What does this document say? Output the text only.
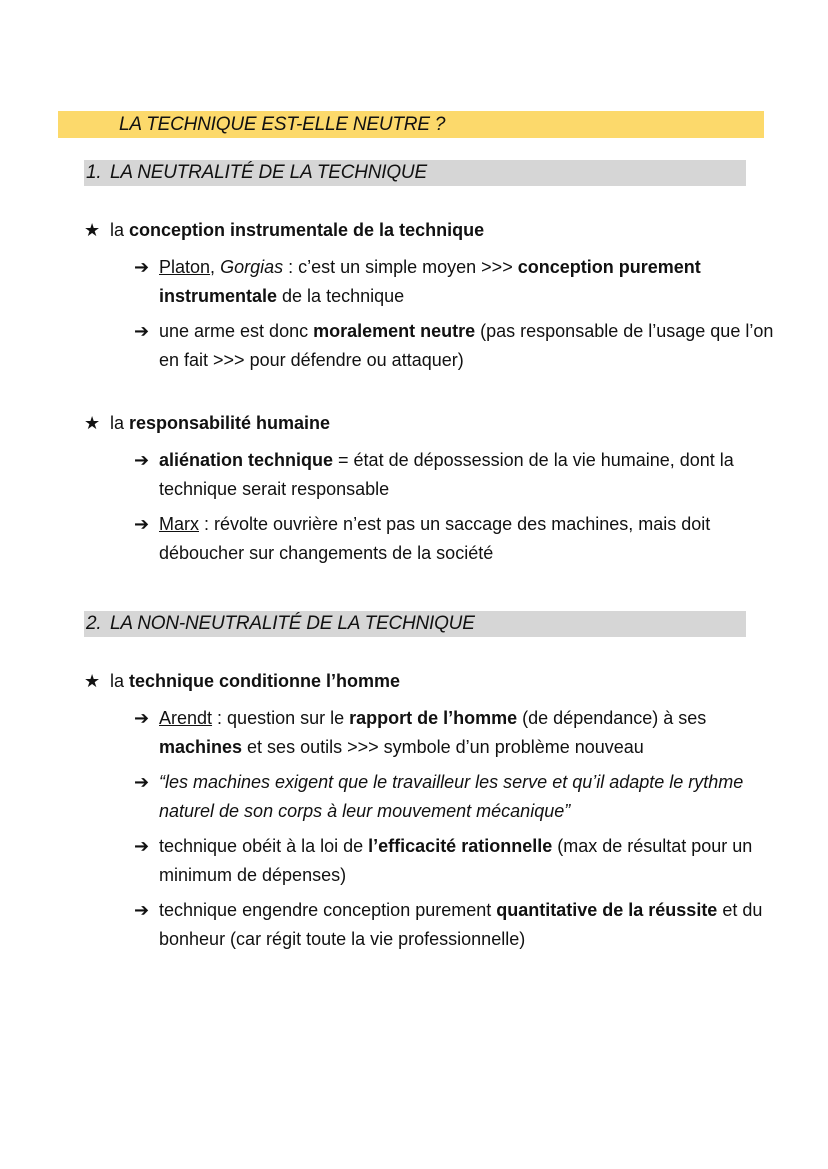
LA TECHNIQUE EST-ELLE NEUTRE ?
1. LA NEUTRALITÉ DE LA TECHNIQUE
★ la conception instrumentale de la technique
➔ Platon, Gorgias : c’est un simple moyen >>> conception purement instrumentale de la technique
➔ une arme est donc moralement neutre (pas responsable de l’usage que l’on en fait >>> pour défendre ou attaquer)
★ la responsabilité humaine
➔ aliénation technique = état de dépossession de la vie humaine, dont la technique serait responsable
➔ Marx : révolte ouvrière n’est pas un saccage des machines, mais doit déboucher sur changements de la société
2. LA NON-NEUTRALITÉ DE LA TECHNIQUE
★ la technique conditionne l’homme
➔ Arendt : question sur le rapport de l’homme (de dépendance) à ses machines et ses outils >>> symbole d’un problème nouveau
➔ “les machines exigent que le travailleur les serve et qu’il adapte le rythme naturel de son corps à leur mouvement mécanique”
➔ technique obéit à la loi de l’efficacité rationnelle (max de résultat pour un minimum de dépenses)
➔ technique engendre conception purement quantitative de la réussite et du bonheur (car régit toute la vie professionnelle)
